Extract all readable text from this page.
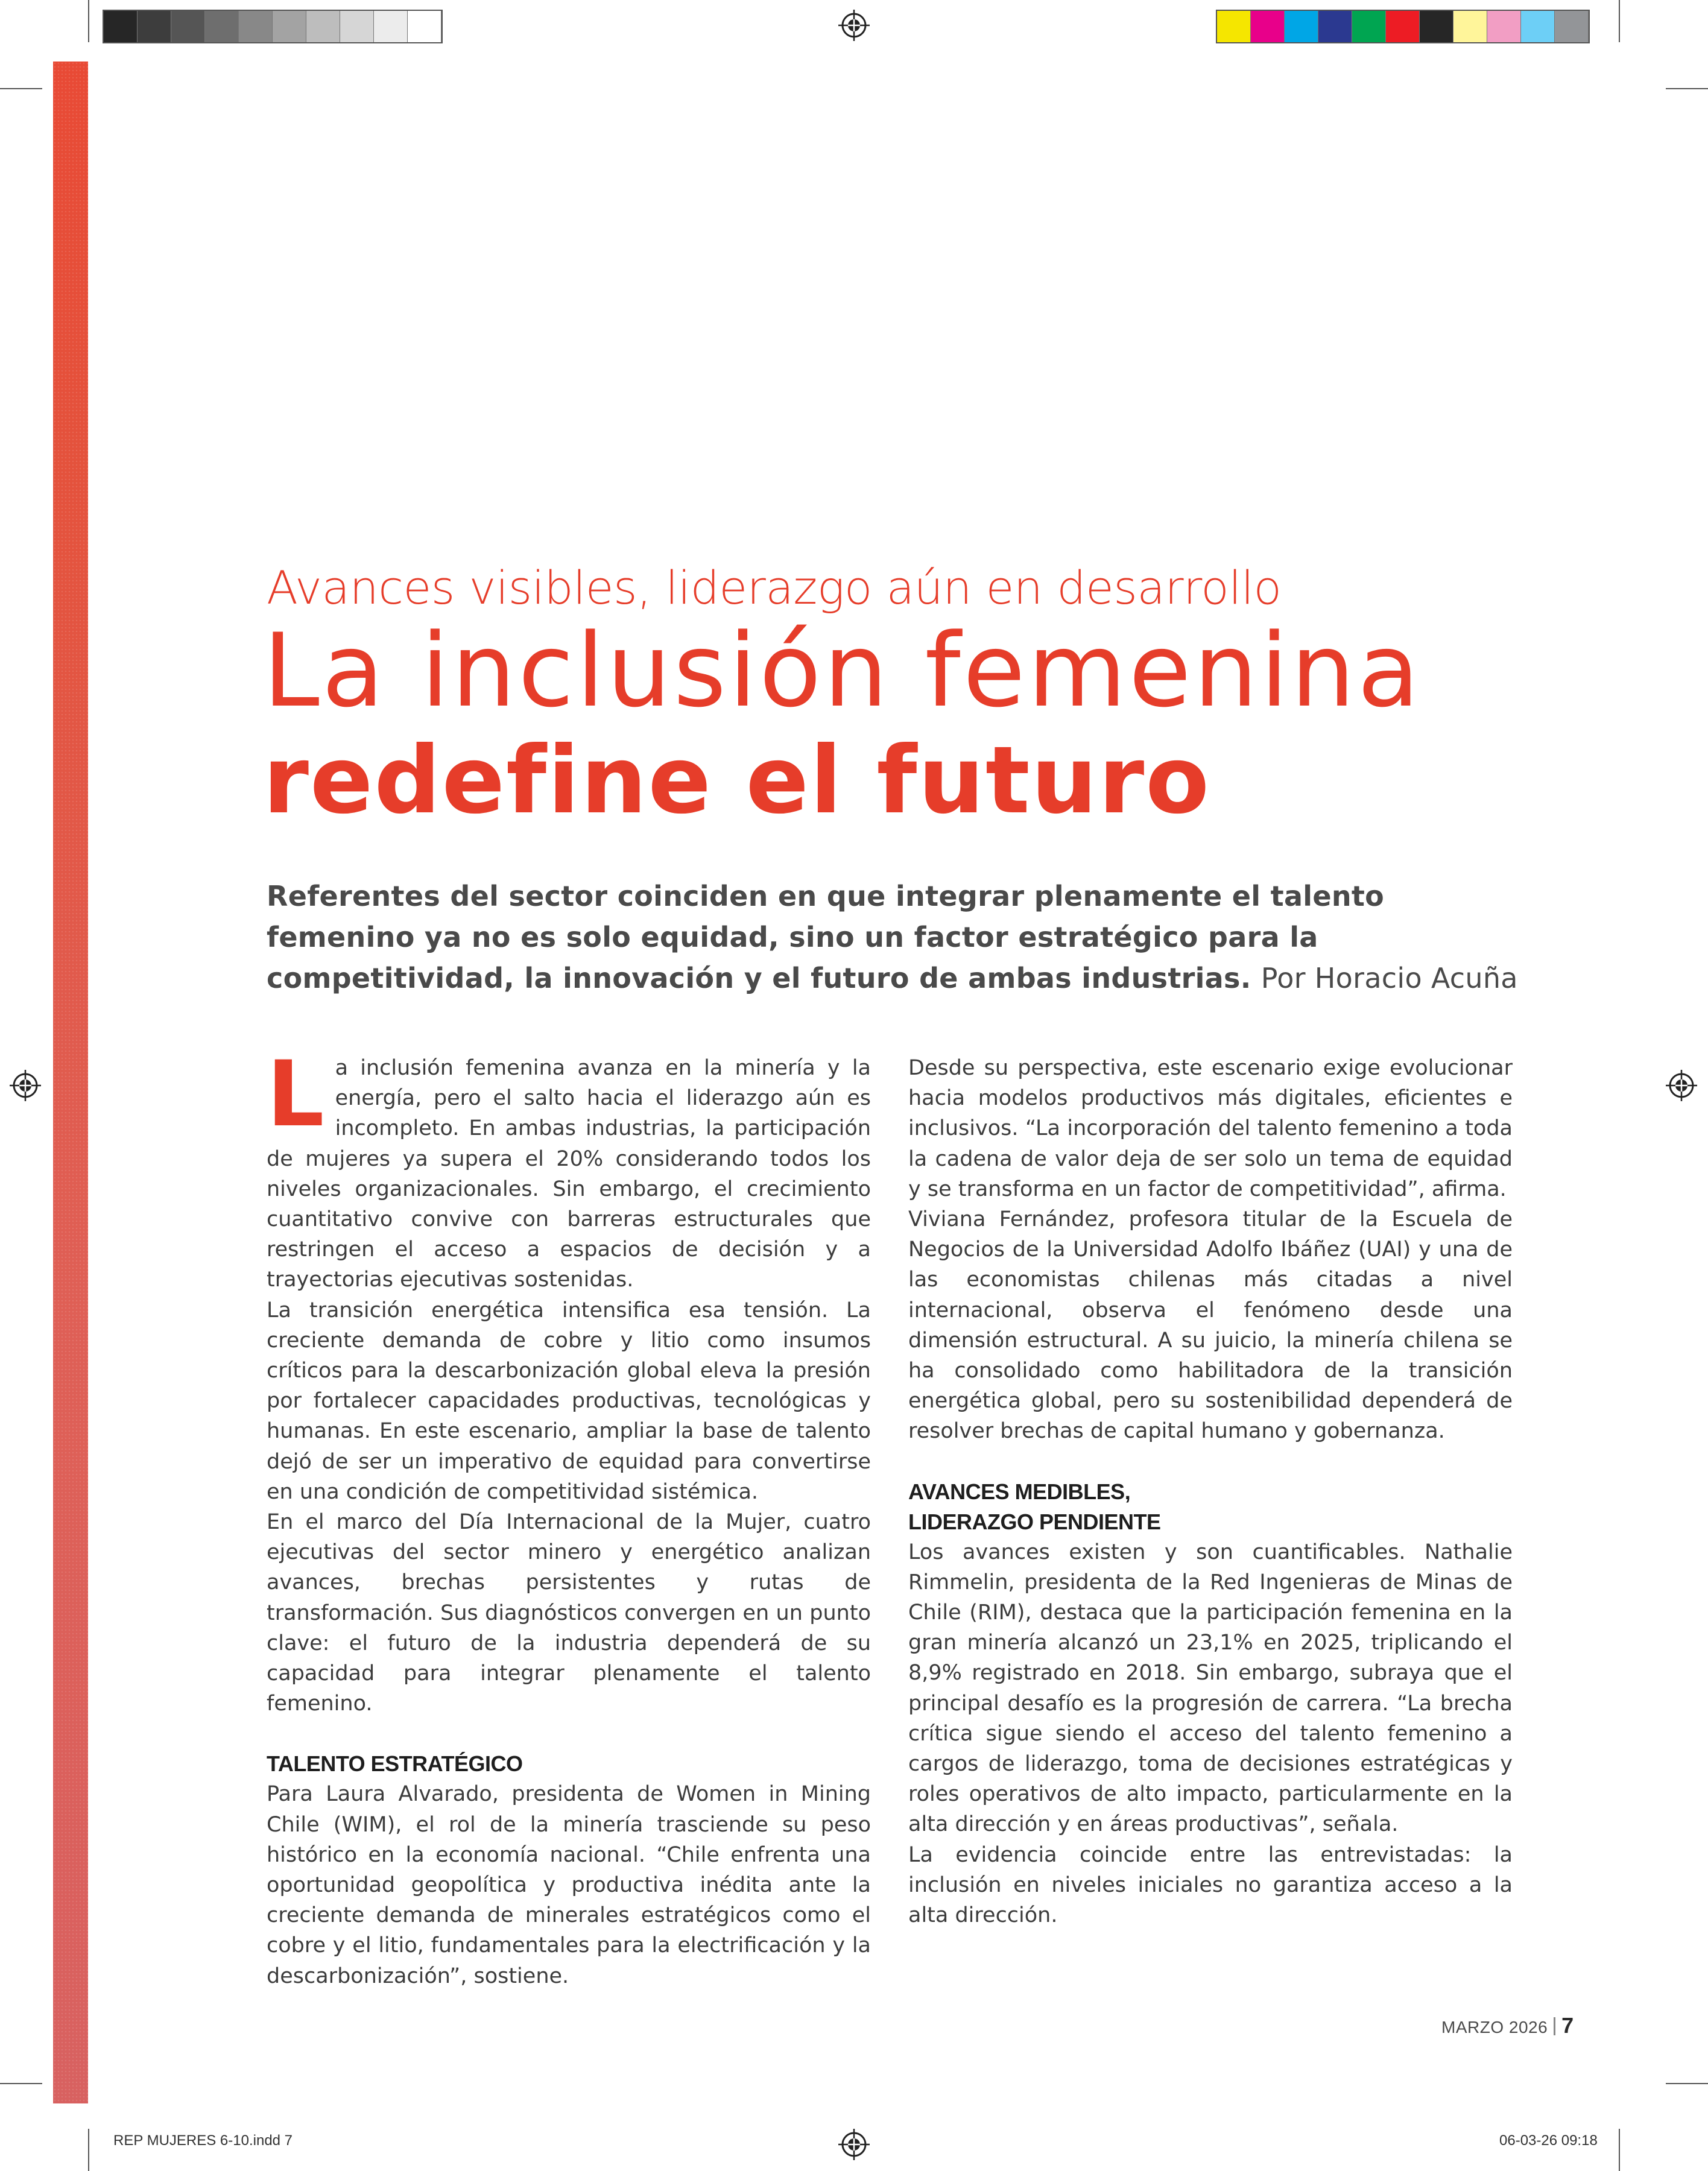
Avances visibles, liderazgo aún en desarrollo
La inclusión femenina
redefine el futuro
Referentes del sector coinciden en que integrar plenamente el talento femenino ya no es solo equidad, sino un factor estratégico para la competitividad, la innovación y el futuro de ambas industrias. Por Horacio Acuña

La inclusión femenina avanza en la minería y la energía, pero el salto hacia el liderazgo aún es incompleto. En ambas industrias, la participación de mujeres ya supera el 20% considerando todos los niveles organizacionales. Sin embargo, el crecimiento cuantitativo convive con barreras estructurales que restringen el acceso a espacios de decisión y a trayectorias ejecutivas sostenidas.

La transición energética intensifica esa tensión. La creciente demanda de cobre y litio como insumos críticos para la descarbonización global eleva la presión por fortalecer capacidades productivas, tecnológicas y humanas. En este escenario, ampliar la base de talento dejó de ser un imperativo de equidad para convertirse en una condición de competitividad sistémica.

En el marco del Día Internacional de la Mujer, cuatro ejecutivas del sector minero y energético analizan avances, brechas persistentes y rutas de transformación. Sus diagnósticos convergen en un punto clave: el futuro de la industria dependerá de su capacidad para integrar plenamente el talento femenino.

TALENTO ESTRATÉGICO

Para Laura Alvarado, presidenta de Women in Mining Chile (WIM), el rol de la minería trasciende su peso histórico en la economía nacional. “Chile enfrenta una oportunidad geopolítica y productiva inédita ante la creciente demanda de minerales estratégicos como el cobre y el litio, fundamentales para la electrificación y la descarbonización”, sostiene.

Desde su perspectiva, este escenario exige evolucionar hacia modelos productivos más digitales, eficientes e inclusivos. “La incorporación del talento femenino a toda la cadena de valor deja de ser solo un tema de equidad y se transforma en un factor de competitividad”, afirma.

Viviana Fernández, profesora titular de la Escuela de Negocios de la Universidad Adolfo Ibáñez (UAI) y una de las economistas chilenas más citadas a nivel internacional, observa el fenómeno desde una dimensión estructural. A su juicio, la minería chilena se ha consolidado como habilitadora de la transición energética global, pero su sostenibilidad dependerá de resolver brechas de capital humano y gobernanza.

AVANCES MEDIBLES,
LIDERAZGO PENDIENTE

Los avances existen y son cuantificables. Nathalie Rimmelin, presidenta de la Red Ingenieras de Minas de Chile (RIM), destaca que la participación femenina en la gran minería alcanzó un 23,1% en 2025, triplicando el 8,9% registrado en 2018. Sin embargo, subraya que el principal desafío es la progresión de carrera. “La brecha crítica sigue siendo el acceso del talento femenino a cargos de liderazgo, toma de decisiones estratégicas y roles operativos de alto impacto, particularmente en la alta dirección y en áreas productivas”, señala.

La evidencia coincide entre las entrevistadas: la inclusión en niveles iniciales no garantiza acceso a la alta dirección.

MARZO 2026 7
REP MUJERES 6-10.indd 7	06-03-26 09:18
